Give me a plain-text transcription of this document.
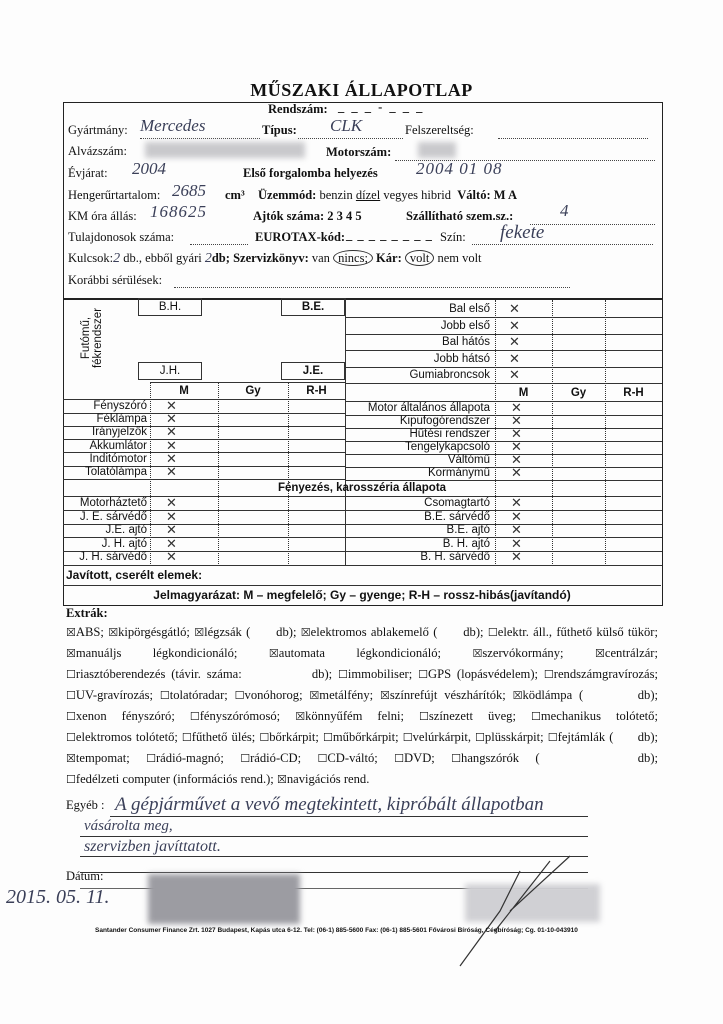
MŰSZAKI ÁLLAPOTLAP
Rendszám: _ _ _ - _ _ _
Gyártmány: Mercedes	Típus: CLK	Felszereltség:
Alvázszám:	Motorszám:
Évjárat: 2004	Első forgalomba helyezés 2004 01 08
Hengerűrtartalom: 2685 cm³ Üzemmód: benzin dízel vegyes hibrid Váltó: M A
KM óra állás: 168625	Ajtók száma: 2 3 4 5	Szállítható szem.sz.:	4
Tulajdonosok száma:	EUROTAX-kód: _ _ _ _ _ _ _ _ Szín: fekete
Kulcsok:2 db., ebből gyári 2db; Szervizkönyv: van nincs; Kár: volt nem volt
Korábbi sérülések:
Futómű, fékrendszer
B.H.	B.E.
J.H.	J.E.
Bal első ✕
Jobb első ✕
Bal hátós ✕
Jobb hátsó ✕
Gumiabroncsok ✕
M	M
Gy	Gy
R-H	R-H
Fényszóró ✕
Féklámpa ✕
Irányjelzők ✕
Akkumlátor ✕
Inditómotor ✕
Tolatólámpa ✕
Motor általános állapota ✕
Kipufogórendszer ✕
Hűtési rendszer ✕
Tengelykapcsoló ✕
Váltómű ✕
Kormánymű ✕
Fényezés, karosszéria állapota
Motorháztető ✕
J. E. sárvédő ✕
J.E. ajtó ✕
J. H. ajtó ✕
J. H. sárvédő ✕
Csomagtartó ✕
B.E. sárvédő ✕
B.E. ajtó ✕
B. H. ajtó ✕
B. H. sárvédő ✕
Javított, cserélt elemek:
Jelmagyarázat: M – megfelelő; Gy – gyenge; R-H – rossz-hibás(javítandó)
Extrák:
☒ABS; ☒kipörgésgátló; ☒légzsák (      db); ☒elektromos ablakemelő (      db); ☐elektr. áll., fűthető külső tükör; ☒manuáljs légkondicionáló;	☒automata légkondicionáló;	☒szervókormány;	☒centrálzár; ☐riasztóberendezés (távir. száma:            db); ☐immobiliser; ☐GPS (lopásvédelem); ☐rendszámgravírozás; ☐UV-gravírozás; ☐tolatóradar; ☐vonóhorog; ☒metálfény; ☒színrefújt vészhárítók; ☒ködlámpa (        db); ☐xenon fényszóró; ☐fényszórómosó; ☒könnyűfém felni; ☐színezett üveg; ☐mechanikus tolótető; ☐elektromos tolótető; ☐fűthető ülés; ☐bőrkárpit; ☐műbőrkárpit; ☐velúrkárpit, ☐plüsskárpit; ☐fejtámlák (      db); ☒tempomat; ☐rádió-magnó; ☐rádió-CD; ☐CD-váltó; ☐DVD; ☐hangszórók (      db); ☐fedélzeti computer (információs rend.); ☒navigációs rend.
Egyéb : A gépjárművet a vevő megtekintett, kipróbált állapotban
vásárolta meg,
szervizben javíttatott.
Dátum:
2015. 05. 11.
Santander Consumer Finance Zrt. 1027 Budapest, Kapás utca 6-12. Tel: (06-1) 885-5600 Fax: (06-1) 885-5601 Fővárosi Bíróság, Cégbíróság; Cg. 01-10-043910
